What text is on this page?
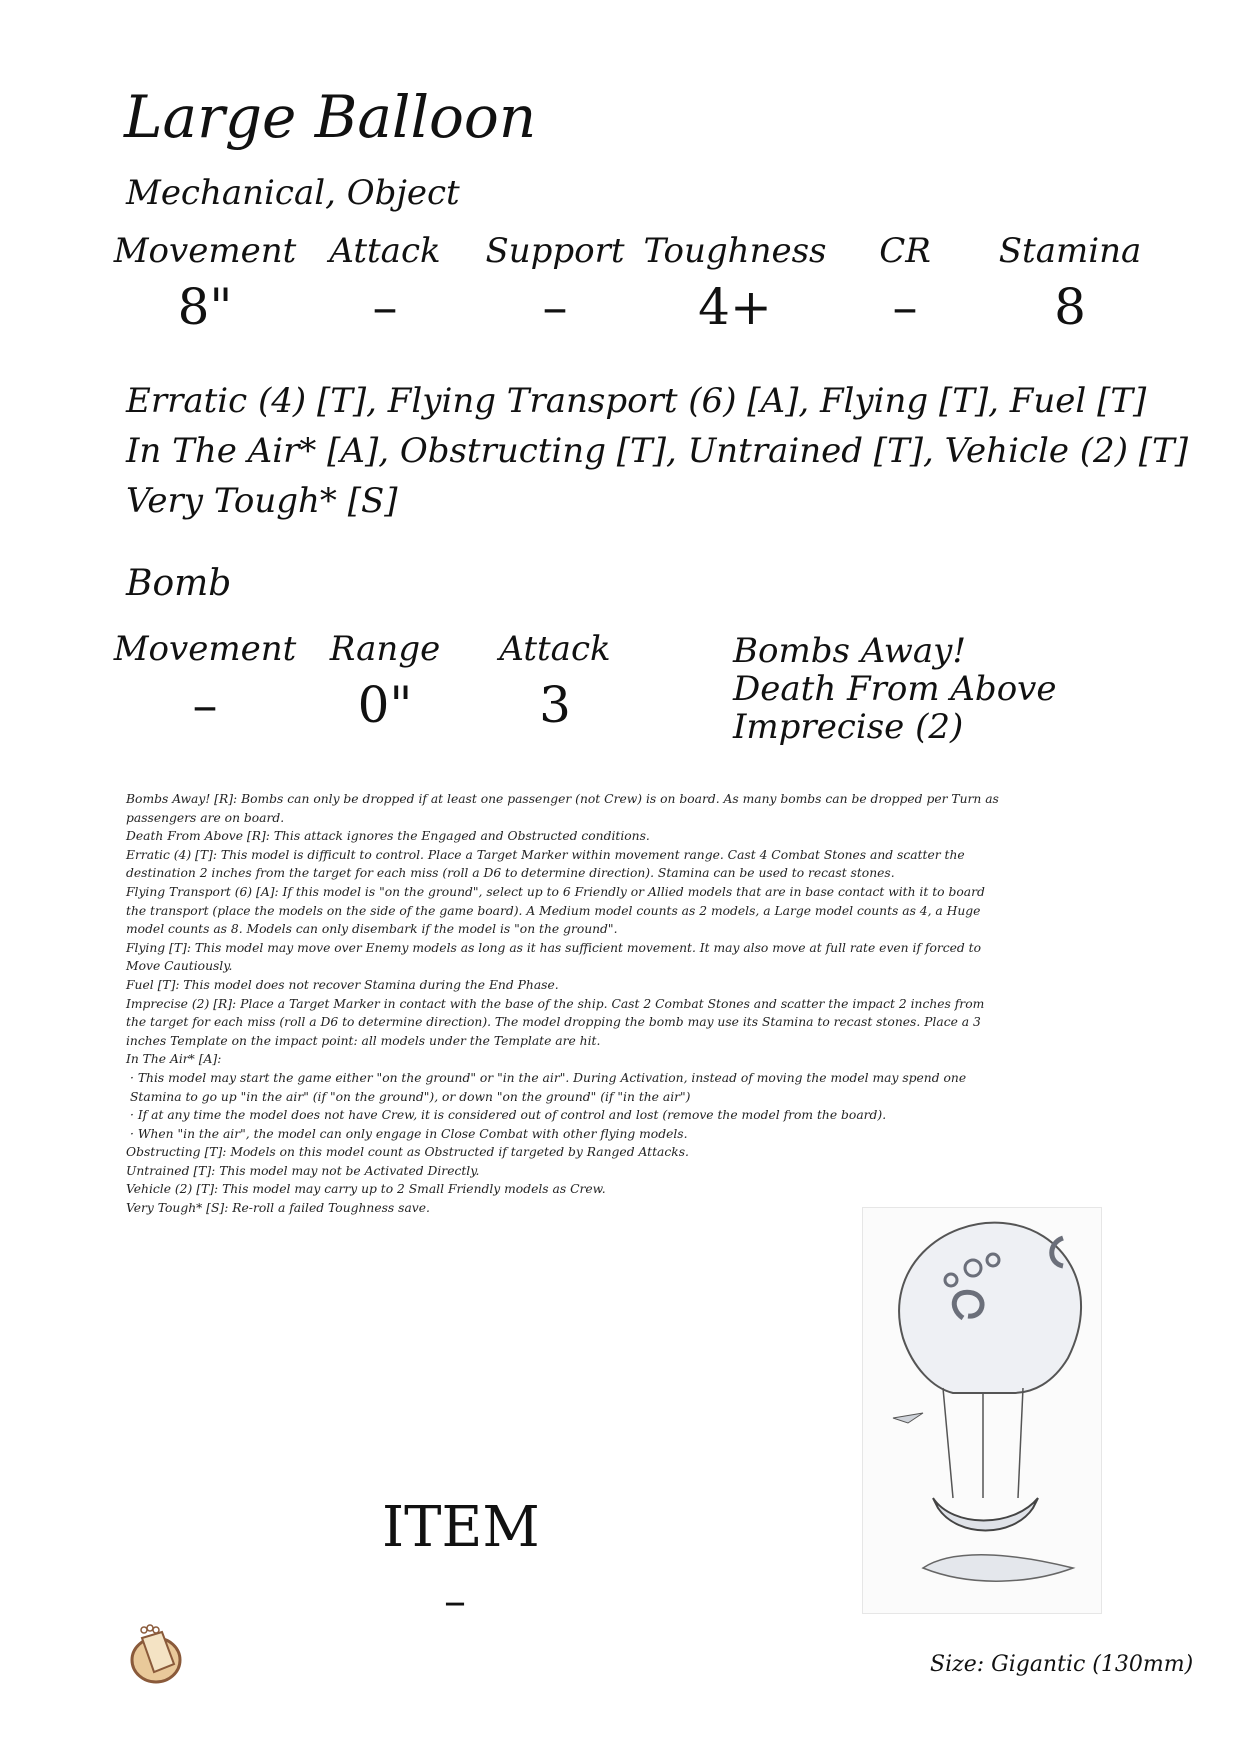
Large Balloon
Mechanical, Object
Movement
8"
Attack
–
Support
–
Toughness
4+
CR
–
Stamina
8
Erratic (4) [T], Flying Transport (6) [A], Flying [T], Fuel [T]
In The Air* [A], Obstructing [T], Untrained [T], Vehicle (2) [T]
Very Tough* [S]
Bomb
Movement
–
Range
0"
Attack
3
Bombs Away!
Death From Above
Imprecise (2)

Bombs Away! [R]: Bombs can only be dropped if at least one passenger (not Crew) is on board. As many bombs can be dropped per Turn as passengers are on board.

Death From Above [R]: This attack ignores the Engaged and Obstructed conditions.

Erratic (4) [T]: This model is difficult to control. Place a Target Marker within movement range. Cast 4 Combat Stones and scatter the destination 2 inches from the target for each miss (roll a D6 to determine direction). Stamina can be used to recast stones.

Flying Transport (6) [A]: If this model is "on the ground", select up to 6 Friendly or Allied models that are in base contact with it to board the transport (place the models on the side of the game board). A Medium model counts as 2 models, a Large model counts as 4, a Huge model counts as 8. Models can only disembark if the model is "on the ground".

Flying [T]: This model may move over Enemy models as long as it has sufficient movement. It may also move at full rate even if forced to Move Cautiously.

Fuel [T]: This model does not recover Stamina during the End Phase.

Imprecise (2) [R]: Place a Target Marker in contact with the base of the ship. Cast 2 Combat Stones and scatter the impact 2 inches from the target for each miss (roll a D6 to determine direction). The model dropping the bomb may use its Stamina to recast stones. Place a 3 inches Template on the impact point: all models under the Template are hit.

In The Air* [A]:

· This model may start the game either "on the ground" or "in the air". During Activation, instead of moving the model may spend one Stamina to go up "in the air" (if "on the ground"), or down "on the ground" (if "in the air")

· If at any time the model does not have Crew, it is considered out of control and lost (remove the model from the board).

· When "in the air", the model can only engage in Close Combat with other flying models.

Obstructing [T]: Models on this model count as Obstructed if targeted by Ranged Attacks.

Untrained [T]: This model may not be Activated Directly.

Vehicle (2) [T]: This model may carry up to 2 Small Friendly models as Crew.

Very Tough* [S]: Re-roll a failed Toughness save.

ITEM
–
Size: Gigantic (130mm)
